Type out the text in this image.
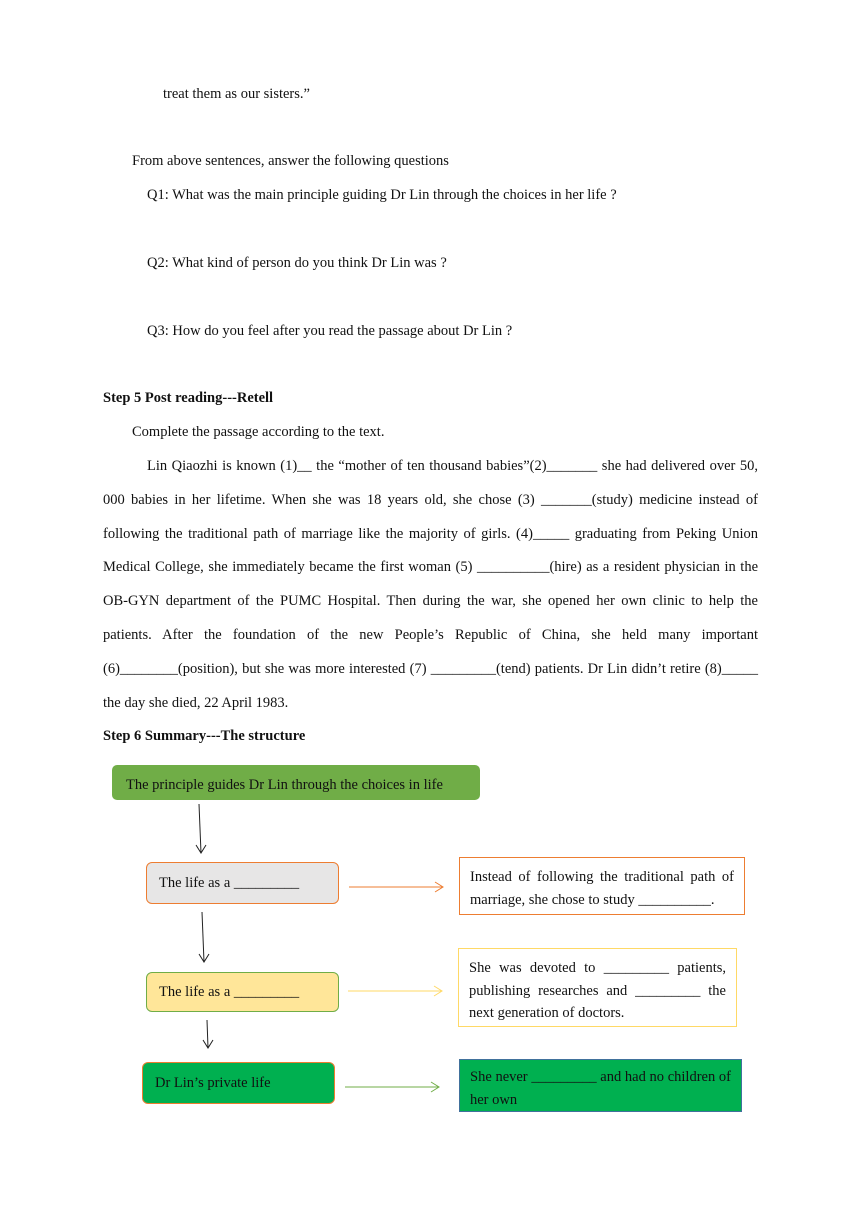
treat them as our sisters.”
From above sentences, answer the following questions
Q1: What was the main principle guiding Dr Lin through the choices in her life ?
Q2: What kind of person do you think Dr Lin was ?
Q3: How do you feel after you read the passage about Dr Lin ?
Step 5 Post reading---Retell
Complete the passage according to the text.
Lin Qiaozhi is known (1)__ the “mother of ten thousand babies”(2)_______ she had delivered over 50, 000 babies in her lifetime. When she was 18 years old, she chose (3) _______(study) medicine instead of following the traditional path of marriage like the majority of girls. (4)_____ graduating from Peking Union Medical College, she immediately became the first woman (5) __________(hire) as a resident physician in the OB-GYN department of the PUMC Hospital. Then during the war, she opened her own clinic to help the patients. After the foundation of the new People’s Republic of China, she held many important (6)________(position), but she was more interested (7) _________(tend) patients. Dr Lin didn’t retire (8)_____ the day she died, 22 April 1983.
Step 6 Summary---The structure
The principle guides Dr Lin through the choices in life
The life as a _________	Instead of following the traditional path of marriage, she chose to study __________.
The life as a _________
She was devoted to _________ patients, publishing researches and _________ the next generation of doctors.
Dr Lin’s private life	She never _________ and had no children of her own
